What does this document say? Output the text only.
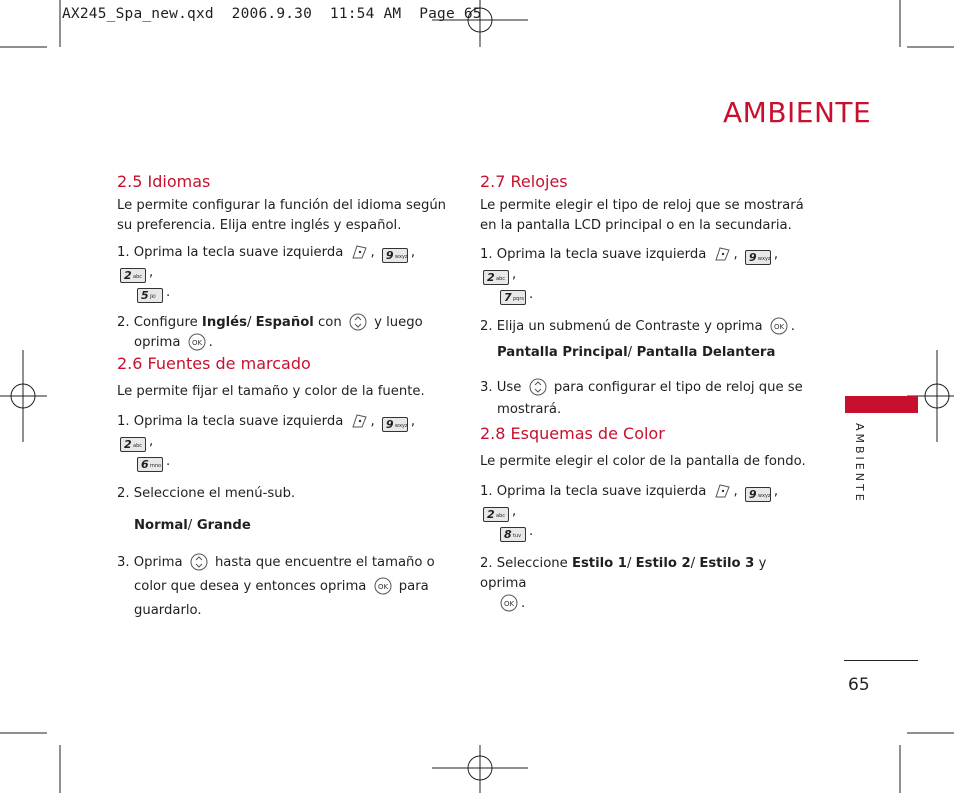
AX245_Spa_new.qxd  2006.9.30  11:54 AM  Page 65
AMBIENTE
2.5 Idiomas

Le permite configurar la función del idioma según su preferencia. Elija entre inglés y español.

1. Oprima la tecla suave izquierda , 9 wxyz , 2 abc ,
5 jkl .

2. Configure Inglés/ Español con y luego
oprima OK .

2.6 Fuentes de marcado

Le permite fijar el tamaño y color de la fuente.

1. Oprima la tecla suave izquierda , 9 wxyz , 2 abc ,
6 mno .

2. Seleccione el menú-sub.

Normal/ Grande

3. Oprima hasta que encuentre el tamaño o
color que desea y entonces oprima OK para
guardarlo.

2.7 Relojes

Le permite elegir el tipo de reloj que se mostrará en la pantalla LCD principal o en la secundaria.

1. Oprima la tecla suave izquierda , 9 wxyz , 2 abc ,
7 pqrs .

2. Elija un submenú de Contraste y oprima OK .

Pantalla Principal/ Pantalla Delantera

3. Use para configurar el tipo de reloj que se
mostrará.

2.8 Esquemas de Color

Le permite elegir el color de la pantalla de fondo.

1. Oprima la tecla suave izquierda , 9 wxyz , 2 abc ,
8 tuv .

2. Seleccione Estilo 1/ Estilo 2/ Estilo 3 y oprima

OK .

AMBIENTE
65
